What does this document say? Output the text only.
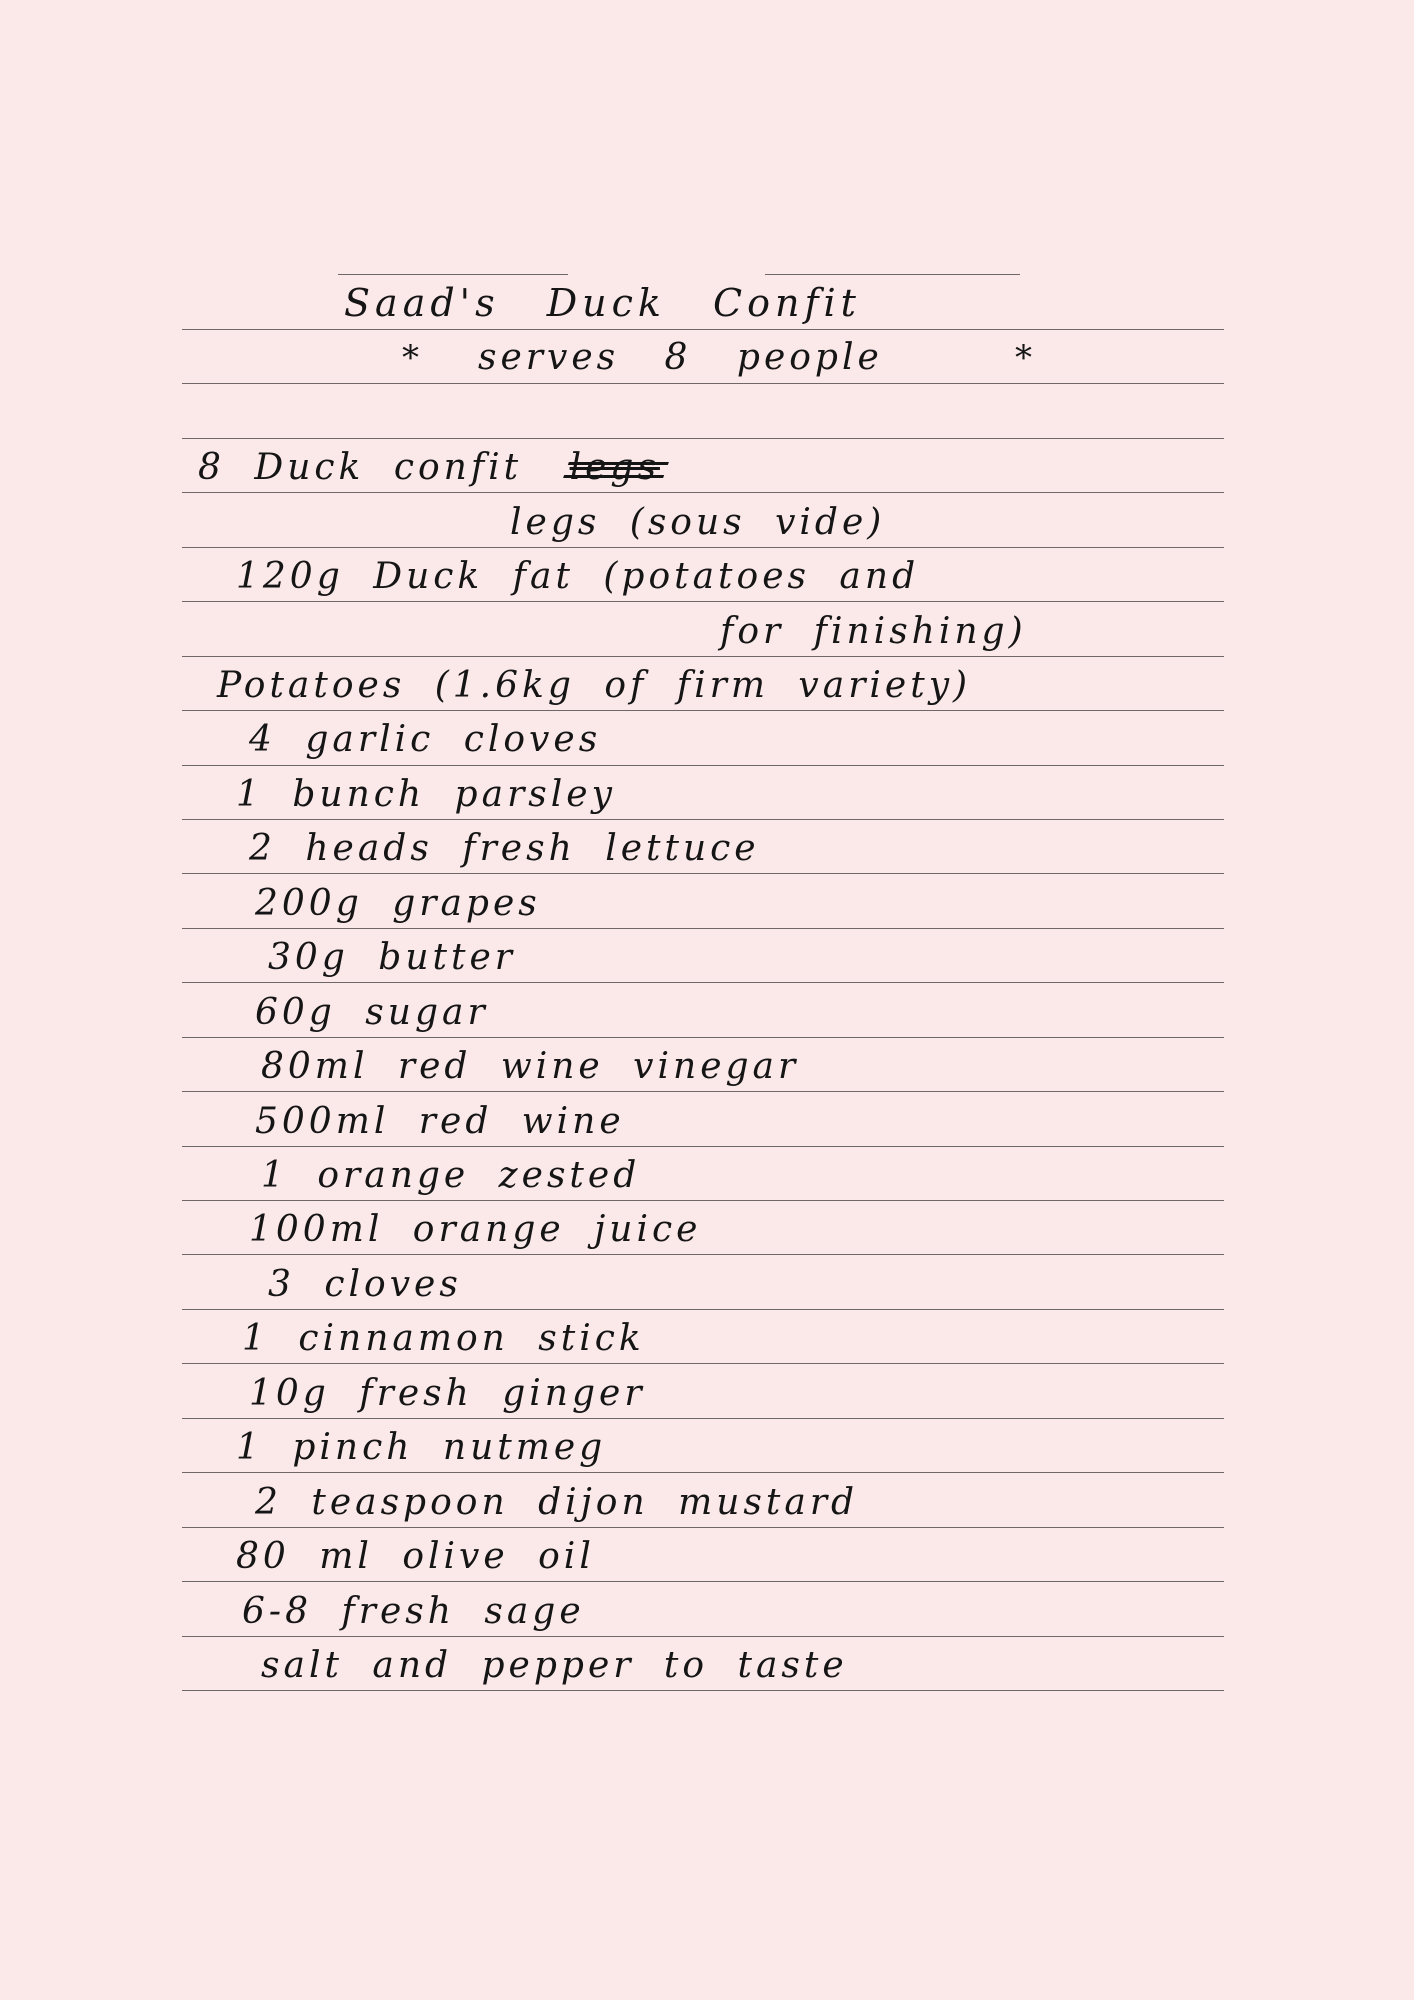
Saad's Duck Confit
* serves 8 people	*
8 Duck confit legs
legs (sous vide)
120g Duck fat (potatoes and
for finishing)
Potatoes (1.6kg of firm variety)
4 garlic cloves
1 bunch parsley
2 heads fresh lettuce
200g grapes
30g butter
60g sugar
80ml red wine vinegar
500ml red wine
1 orange zested
100ml orange juice
3 cloves
1 cinnamon stick
10g fresh ginger
1 pinch nutmeg
2 teaspoon dijon mustard
80 ml olive oil
6-8 fresh sage
salt and pepper to taste
